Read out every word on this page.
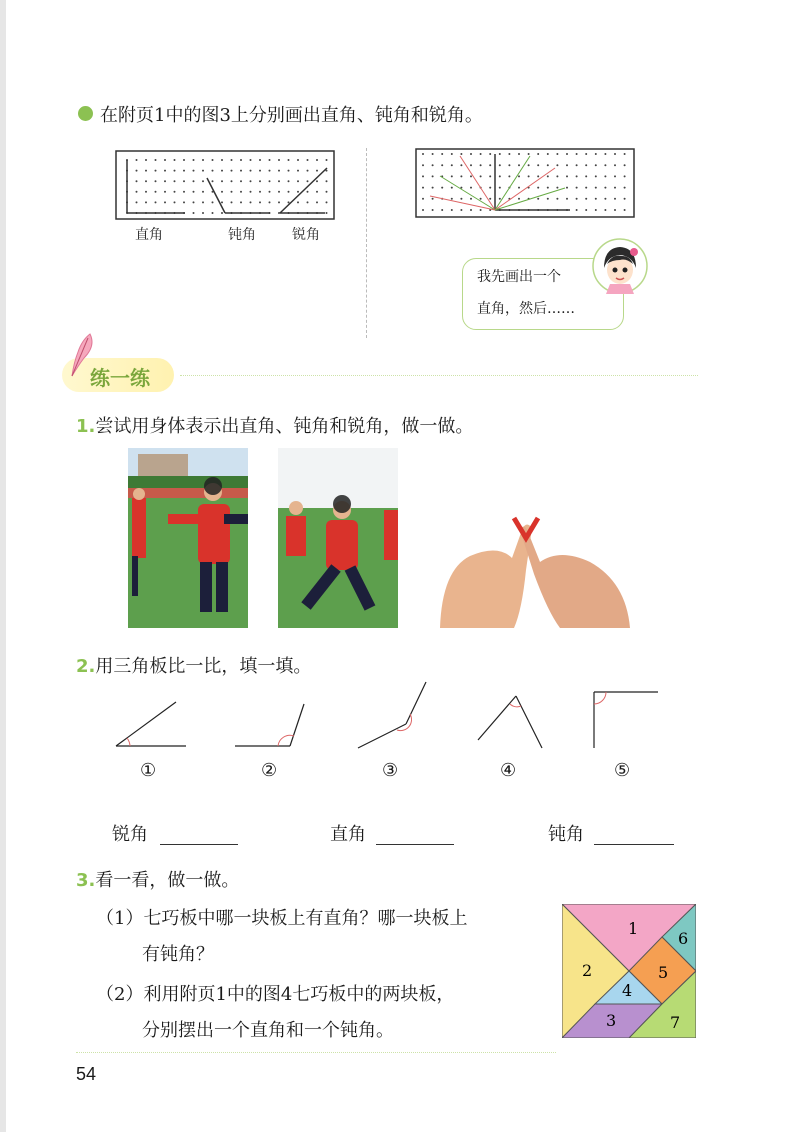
在附页1中的图3上分别画出直角、钝角和锐角。
直角	钝角	锐角
我先画出一个
直角，然后……
练一练
1.尝试用身体表示出直角、钝角和锐角，做一做。
2.用三角板比一比，填一填。
①	②	③	④	⑤
锐角	直角	钝角
3.看一看，做一做。
（1）七巧板中哪一块板上有直角？哪一块板上
有钝角？
（2）利用附页1中的图4七巧板中的两块板，
分别摆出一个直角和一个钝角。
1
2
3
4
5
6
7
54
